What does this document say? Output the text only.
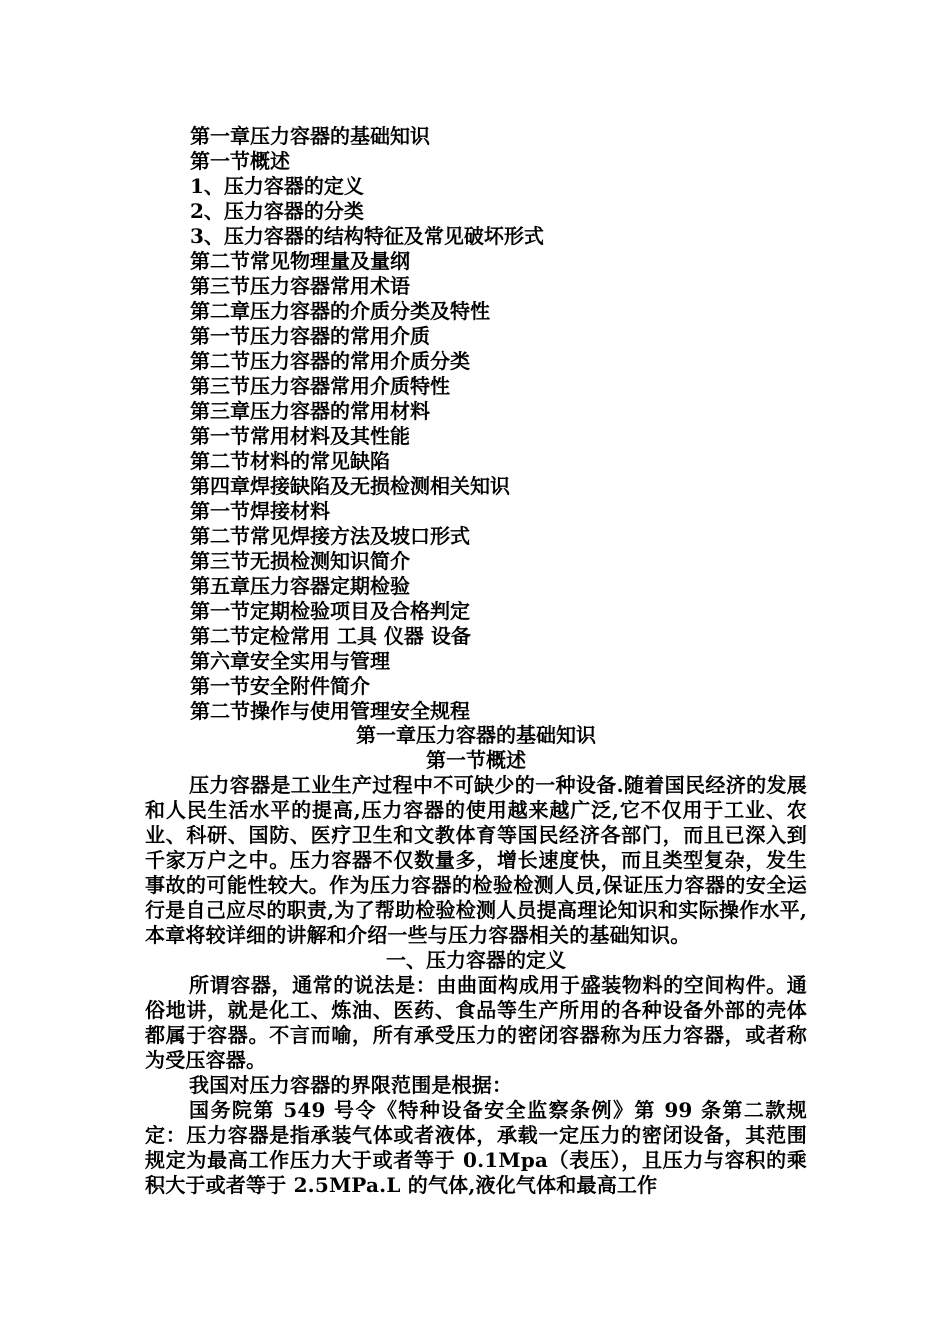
第一章压力容器的基础知识
第一节概述
1、压力容器的定义
2、压力容器的分类
3、压力容器的结构特征及常见破坏形式
第二节常见物理量及量纲
第三节压力容器常用术语
第二章压力容器的介质分类及特性
第一节压力容器的常用介质
第二节压力容器的常用介质分类
第三节压力容器常用介质特性
第三章压力容器的常用材料
第一节常用材料及其性能
第二节材料的常见缺陷
第四章焊接缺陷及无损检测相关知识
第一节焊接材料
第二节常见焊接方法及坡口形式
第三节无损检测知识简介
第五章压力容器定期检验
第一节定期检验项目及合格判定
第二节定检常用 工具 仪器 设备
第六章安全实用与管理
第一节安全附件简介
第二节操作与使用管理安全规程
第一章压力容器的基础知识
第一节概述

压力容器是工业生产过程中不可缺少的一种设备.随着国民经济的发展和人民生活水平的提高,压力容器的使用越来越广泛,它不仅用于工业、农业、科研、国防、医疗卫生和文教体育等国民经济各部门，而且已深入到千家万户之中。压力容器不仅数量多，增长速度快，而且类型复杂，发生事故的可能性较大。作为压力容器的检验检测人员,保证压力容器的安全运行是自己应尽的职责,为了帮助检验检测人员提高理论知识和实际操作水平,本章将较详细的讲解和介绍一些与压力容器相关的基础知识。

一、压力容器的定义

所谓容器，通常的说法是：由曲面构成用于盛装物料的空间构件。通俗地讲，就是化工、炼油、医药、食品等生产所用的各种设备外部的壳体都属于容器。不言而喻，所有承受压力的密闭容器称为压力容器，或者称为受压容器。

我国对压力容器的界限范围是根据：

国务院第 549 号令《特种设备安全监察条例》第 99 条第二款规定：压力容器是指承装气体或者液体，承载一定压力的密闭设备，其范围规定为最高工作压力大于或者等于 0.1Mpa（表压），且压力与容积的乘积大于或者等于 2.5MPa.L 的气体,液化气体和最高工作
